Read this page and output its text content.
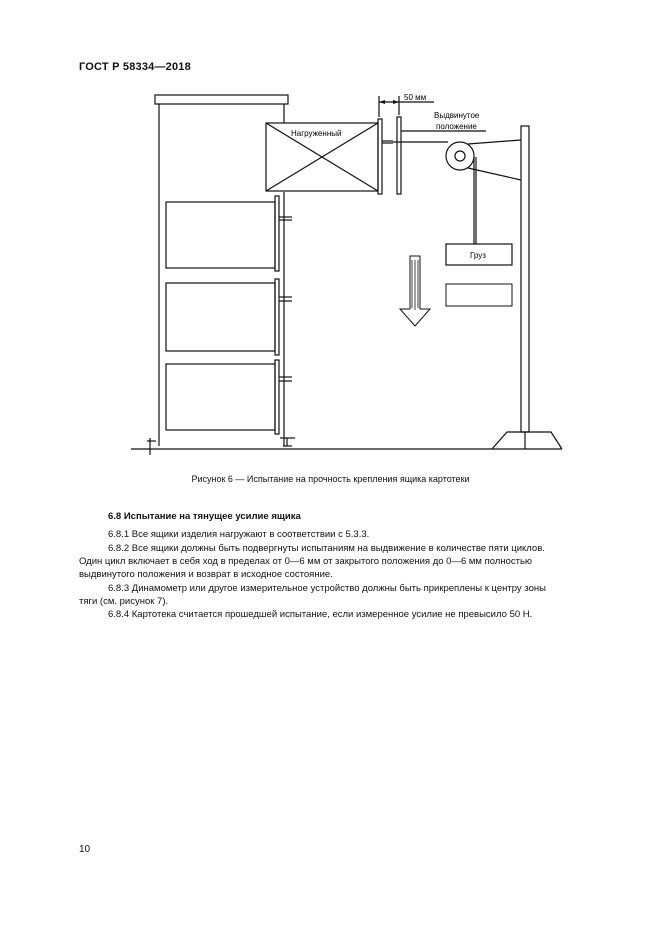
ГОСТ Р 58334—2018
Нагруженный
50 мм
Выдвинутое
положение
Груз
Рисунок 6 — Испытание на прочность крепления ящика картотеки
6.8 Испытание на тянущее усилие ящика
6.8.1 Все ящики изделия нагружают в соответствии с 5.3.3.
6.8.2 Все ящики должны быть подвергнуты испытаниям на выдвижение в количестве пяти циклов.
Один цикл включает в себя ход в пределах от 0—6 мм от закрытого положения до 0—6 мм полностью
выдвинутого положения и возврат в исходное состояние.
6.8.3 Динамометр или другое измерительное устройство должны быть прикреплены к центру зоны
тяги (см. рисунок 7).
6.8.4 Картотека считается прошедшей испытание, если измеренное усилие не превысило 50 Н.
10
